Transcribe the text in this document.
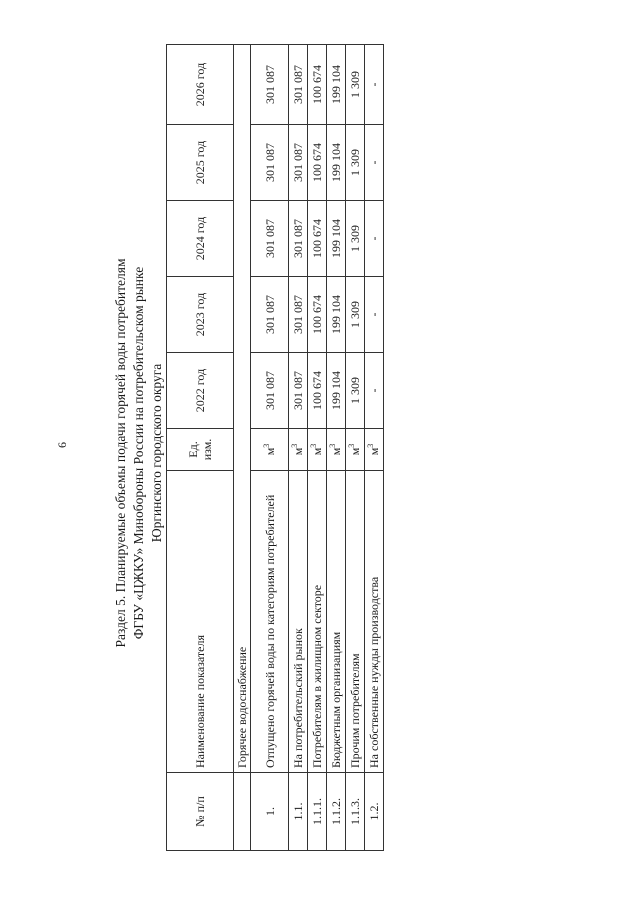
6	Раздел 5. Планируемые объемы подачи горячей воды потребителям ФГБУ «ЦЖКУ» Минобороны России на потребительском рынке Юргинского городского округа
№ п/п	Наименование показателя	Ед. изм.	2022 год	2023 год	2024 год	2025 год	2026 год
	Горячее водоснабжение						
1.	Отпущено горячей воды по категориям потребителей	$м^3$	301 087	301 087	301 087	301 087	301 087
1.1.	На потребительский рынок	$м^3$	301 087	301 087	301 087	301 087	301 087
1.1.1.	Потребителям в жилищном секторе	$м^3$	100 674	100 674	100 674	100 674	100 674
1.1.2.	Бюджетным организациям	$м^3$	199 104	199 104	199 104	199 104	199 104
1.1.3.	Прочим потребителям	$м^3$	1 309	1 309	1 309	1 309	1 309
1.2.	На собственные нужды производства	$м^3$	-	-	-	-	-
